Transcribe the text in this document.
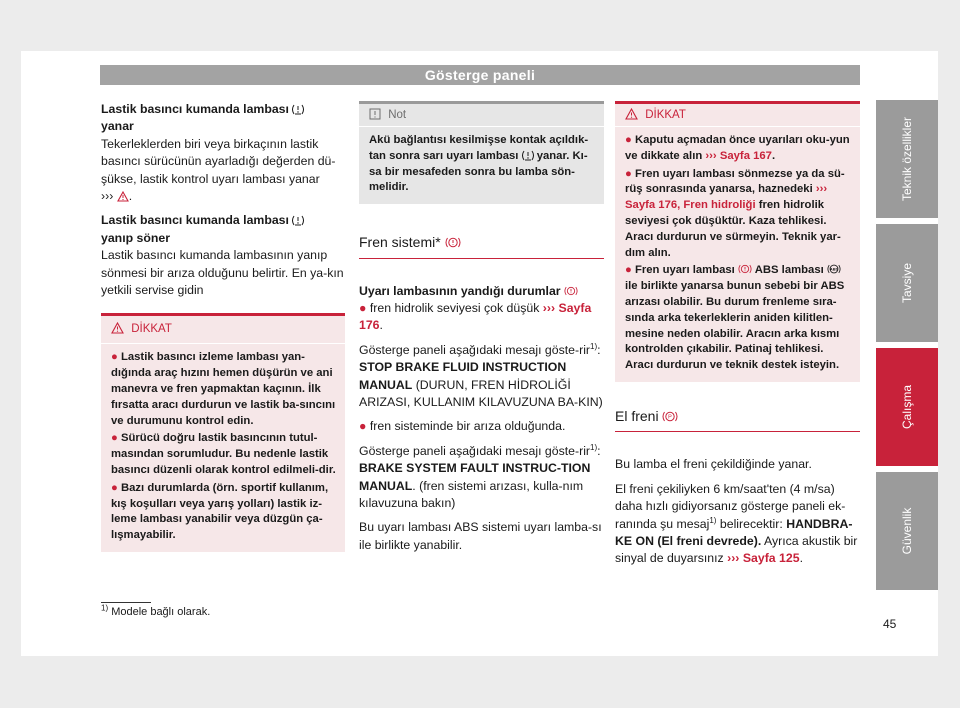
Gösterge paneli
Lastik basıncı kumanda lambası
yanar

Tekerleklerden biri veya birkaçının lastik basıncı sürücünün ayarladığı değerden dü-şükse, lastik kontrol uyarı lambası yanar
››› .

Lastik basıncı kumanda lambası
yanıp söner

Lastik basıncı kumanda lambasının yanıp sönmesi bir arıza olduğunu belirtir. En ya-kın yetkili servise gidin

DİKKAT
● Lastik basıncı izleme lambası yan-dığında araç hızını hemen düşürün ve ani manevra ve fren yapmaktan kaçının. İlk fırsatta aracı durdurun ve lastik ba-sıncını ve durumunu kontrol edin.
● Sürücü doğru lastik basıncının tutul-masından sorumludur. Bu nedenle lastik basıncı düzenli olarak kontrol edilmeli-dir.
● Bazı durumlarda (örn. sportif kullanım, kış koşulları veya yarış yolları) lastik iz-leme lambası yanabilir veya düzgün ça-lışmayabilir.
Not
Akü bağlantısı kesilmişse kontak açıldık-tan sonra sarı uyarı lambası yanar. Kı-sa bir mesafeden sonra bu lamba sön-melidir.
Fren sistemi*
Uyarı lambasının yandığı durumlar

● fren hidrolik seviyesi çok düşük ››› Sayfa 176.

Gösterge paneli aşağıdaki mesajı göste-rir$^{1)}$: STOP BRAKE FLUID INSTRUCTION MANUAL (DURUN, FREN HİDROLİĞİ ARIZASI, KULLANIM KILAVUZUNA BA-KIN)

● fren sisteminde bir arıza olduğunda.

Gösterge paneli aşağıdaki mesajı göste-rir$^{1)}$: BRAKE SYSTEM FAULT INSTRUC-TION MANUAL. (fren sistemi arızası, kulla-nım kılavuzuna bakın)

Bu uyarı lambası ABS sistemi uyarı lamba-sı ile birlikte yanabilir.

DİKKAT
● Kaputu açmadan önce uyarıları oku-yun ve dikkate alın ››› Sayfa 167.
● Fren uyarı lambası sönmezse ya da sü-rüş sonrasında yanarsa, haznedeki ››› Sayfa 176, Fren hidroliği fren hidrolik seviyesi çok düşüktür. Kaza tehlikesi. Aracı durdurun ve sürmeyin. Teknik yar-dım alın.
● Fren uyarı lambası ABS lambası ABS
ile birlikte yanarsa bunun sebebi bir ABS arızası olabilir. Bu durum frenleme sıra-sında arka tekerleklerin aniden kilitlen-mesine neden olabilir. Aracın arka kısmı kontrolden çıkabilir. Patinaj tehlikesi. Aracı durdurun ve teknik destek isteyin.
El freni P

Bu lamba el freni çekildiğinde yanar.

El freni çekiliyken 6 km/saat'ten (4 m/sa) daha hızlı gidiyorsanız gösterge paneli ek-ranında şu mesaj$^{1)}$ belirecektir: HANDBRA-KE ON (El freni devrede). Ayrıca akustik bir sinyal de duyarsınız ››› Sayfa 125.

Teknik özellikler
Tavsiye
Çalışma
Güvenlik
$^{1)}$ Modele bağlı olarak.
45
